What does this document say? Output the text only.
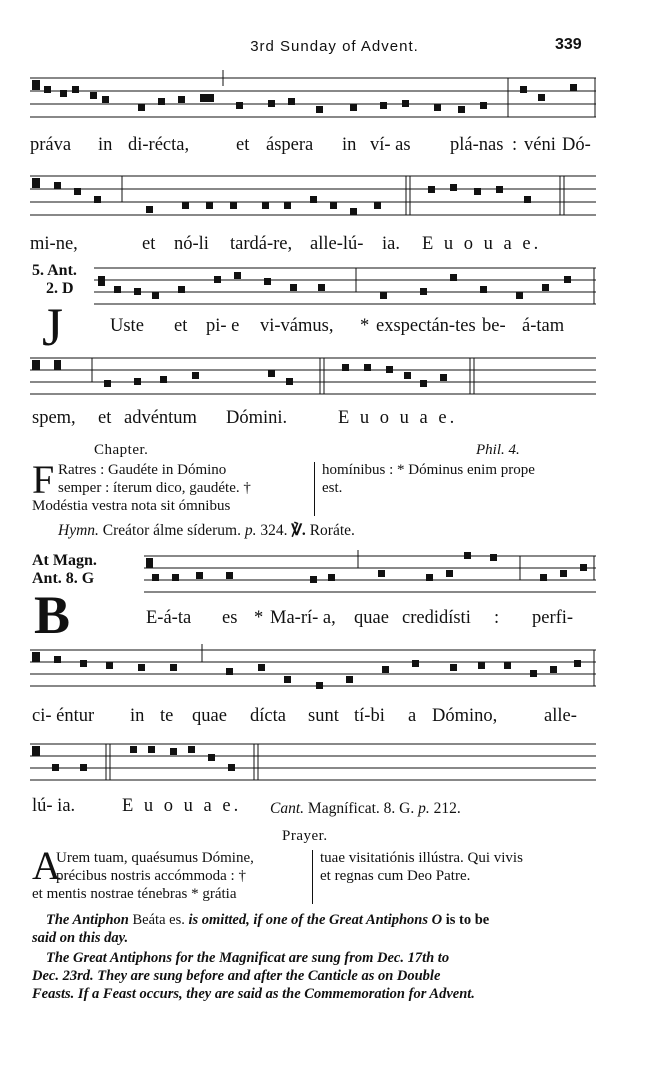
3rd Sunday of Advent.	339
práva in di-récta,	et áspera in ví- as plá-nas : véni Dó-
mi-ne,	et nó-li tardá-re, alle-lú- ia. E u o u a e.
5. Ant.
2. D
J	Uste et pi- e vi-vámus, * exspectán-tes be- á-tam
spem, et advéntum Dómini.	E u o u a e.
Chapter.	Phil. 4.
F Ratres : Gaudéte in Dómino
semper : íterum dico, gaudéte. †
Modéstia vestra nota sit ómnibus
homínibus : * Dóminus enim prope
est.
Hymn. Creátor álme síderum. p. 324. ℣. Roráte.
At Magn.
Ant. 8. G
B	E-á-ta es * Ma-rí- a, quae credidísti : perfi-
ci- éntur in te quae dícta sunt tí-bi a Dómino,	alle-
lú- ia.	E u o u a e. Cant. Magníficat. 8. G. p. 212.
Prayer.
A
Urem tuam, quaésumus Dómine,
précibus nostris accómmoda : †
et mentis nostrae ténebras * grátia
tuae visitatiónis illústra. Qui vivis
et regnas cum Deo Patre.
The Antiphon Beáta es. is omitted, if one of the Great Antiphons O is to be
said on this day.
The Great Antiphons for the Magnificat are sung from Dec. 17th to
Dec. 23rd. They are sung before and after the Canticle as on Double
Feasts. If a Feast occurs, they are said as the Commemoration for Advent.
